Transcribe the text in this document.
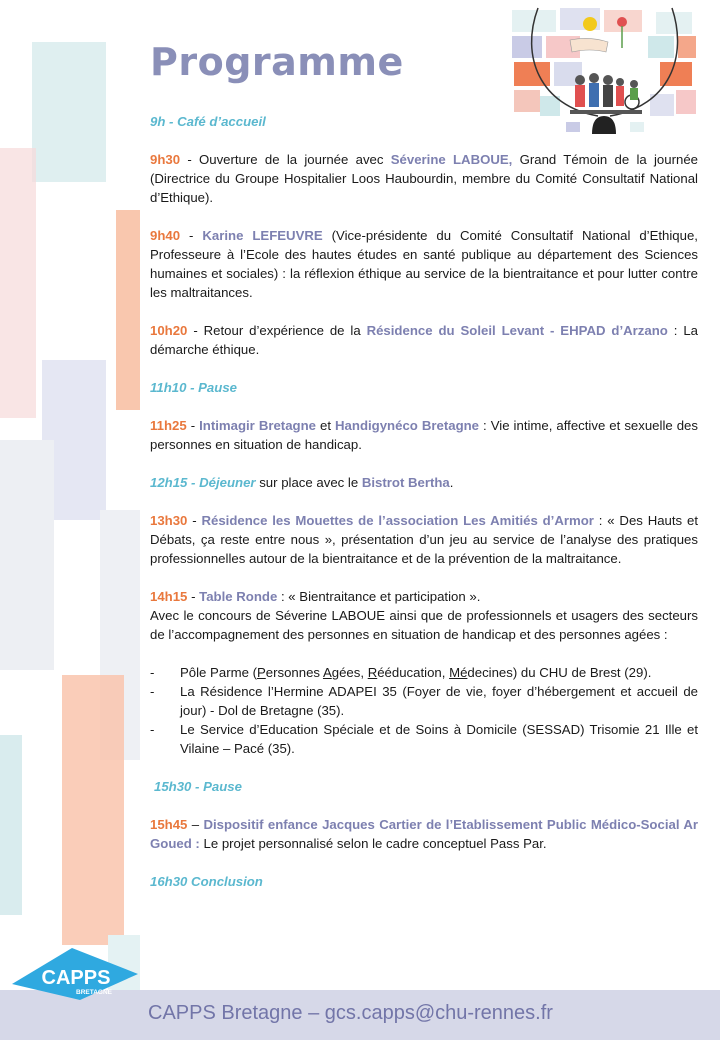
Programme

9h - Café d’accueil

9h30 - Ouverture de la journée avec Séverine LABOUE, Grand Témoin de la journée (Directrice du Groupe Hospitalier Loos Haubourdin, membre du Comité Consultatif National d’Ethique).

9h40 - Karine LEFEUVRE (Vice-présidente du Comité Consultatif National d’Ethique, Professeure à l’Ecole des hautes études en santé publique au département des Sciences humaines et sociales) : la réflexion éthique au service de la bientraitance et pour lutter contre les maltraitances.

10h20 - Retour d’expérience de la Résidence du Soleil Levant - EHPAD d’Arzano : La démarche éthique.

11h10 - Pause

11h25 - Intimagir Bretagne et Handigynéco Bretagne : Vie intime, affective et sexuelle des personnes en situation de handicap.

12h15 - Déjeuner sur place avec le Bistrot Bertha.

13h30 - Résidence les Mouettes de l’association Les Amitiés d’Armor : « Des Hauts et Débats, ça reste entre nous », présentation d’un jeu au service de l’analyse des pratiques professionnelles autour de la bientraitance et de la prévention de la maltraitance.

14h15 - Table Ronde : « Bientraitance et participation ».
Avec le concours de Séverine LABOUE ainsi que de professionnels et usagers des secteurs de l’accompagnement des personnes en situation de handicap et des personnes agées :

- Pôle Parme (Personnes Agées, Rééducation, Médecines) du CHU de Brest (29).
- La Résidence l’Hermine ADAPEI 35 (Foyer de vie, foyer d’hébergement et accueil de jour) - Dol de Bretagne (35).
- Le Service d’Education Spéciale et de Soins à Domicile (SESSAD) Trisomie 21 Ille et Vilaine – Pacé (35).

15h30 - Pause

15h45 – Dispositif enfance Jacques Cartier de l’Etablissement Public Médico-Social Ar Goued : Le projet personnalisé selon le cadre conceptuel Pass Par.

16h30 Conclusion

CAPPS Bretagne – gcs.capps@chu-rennes.fr
CAPPS
BRETAGNE
